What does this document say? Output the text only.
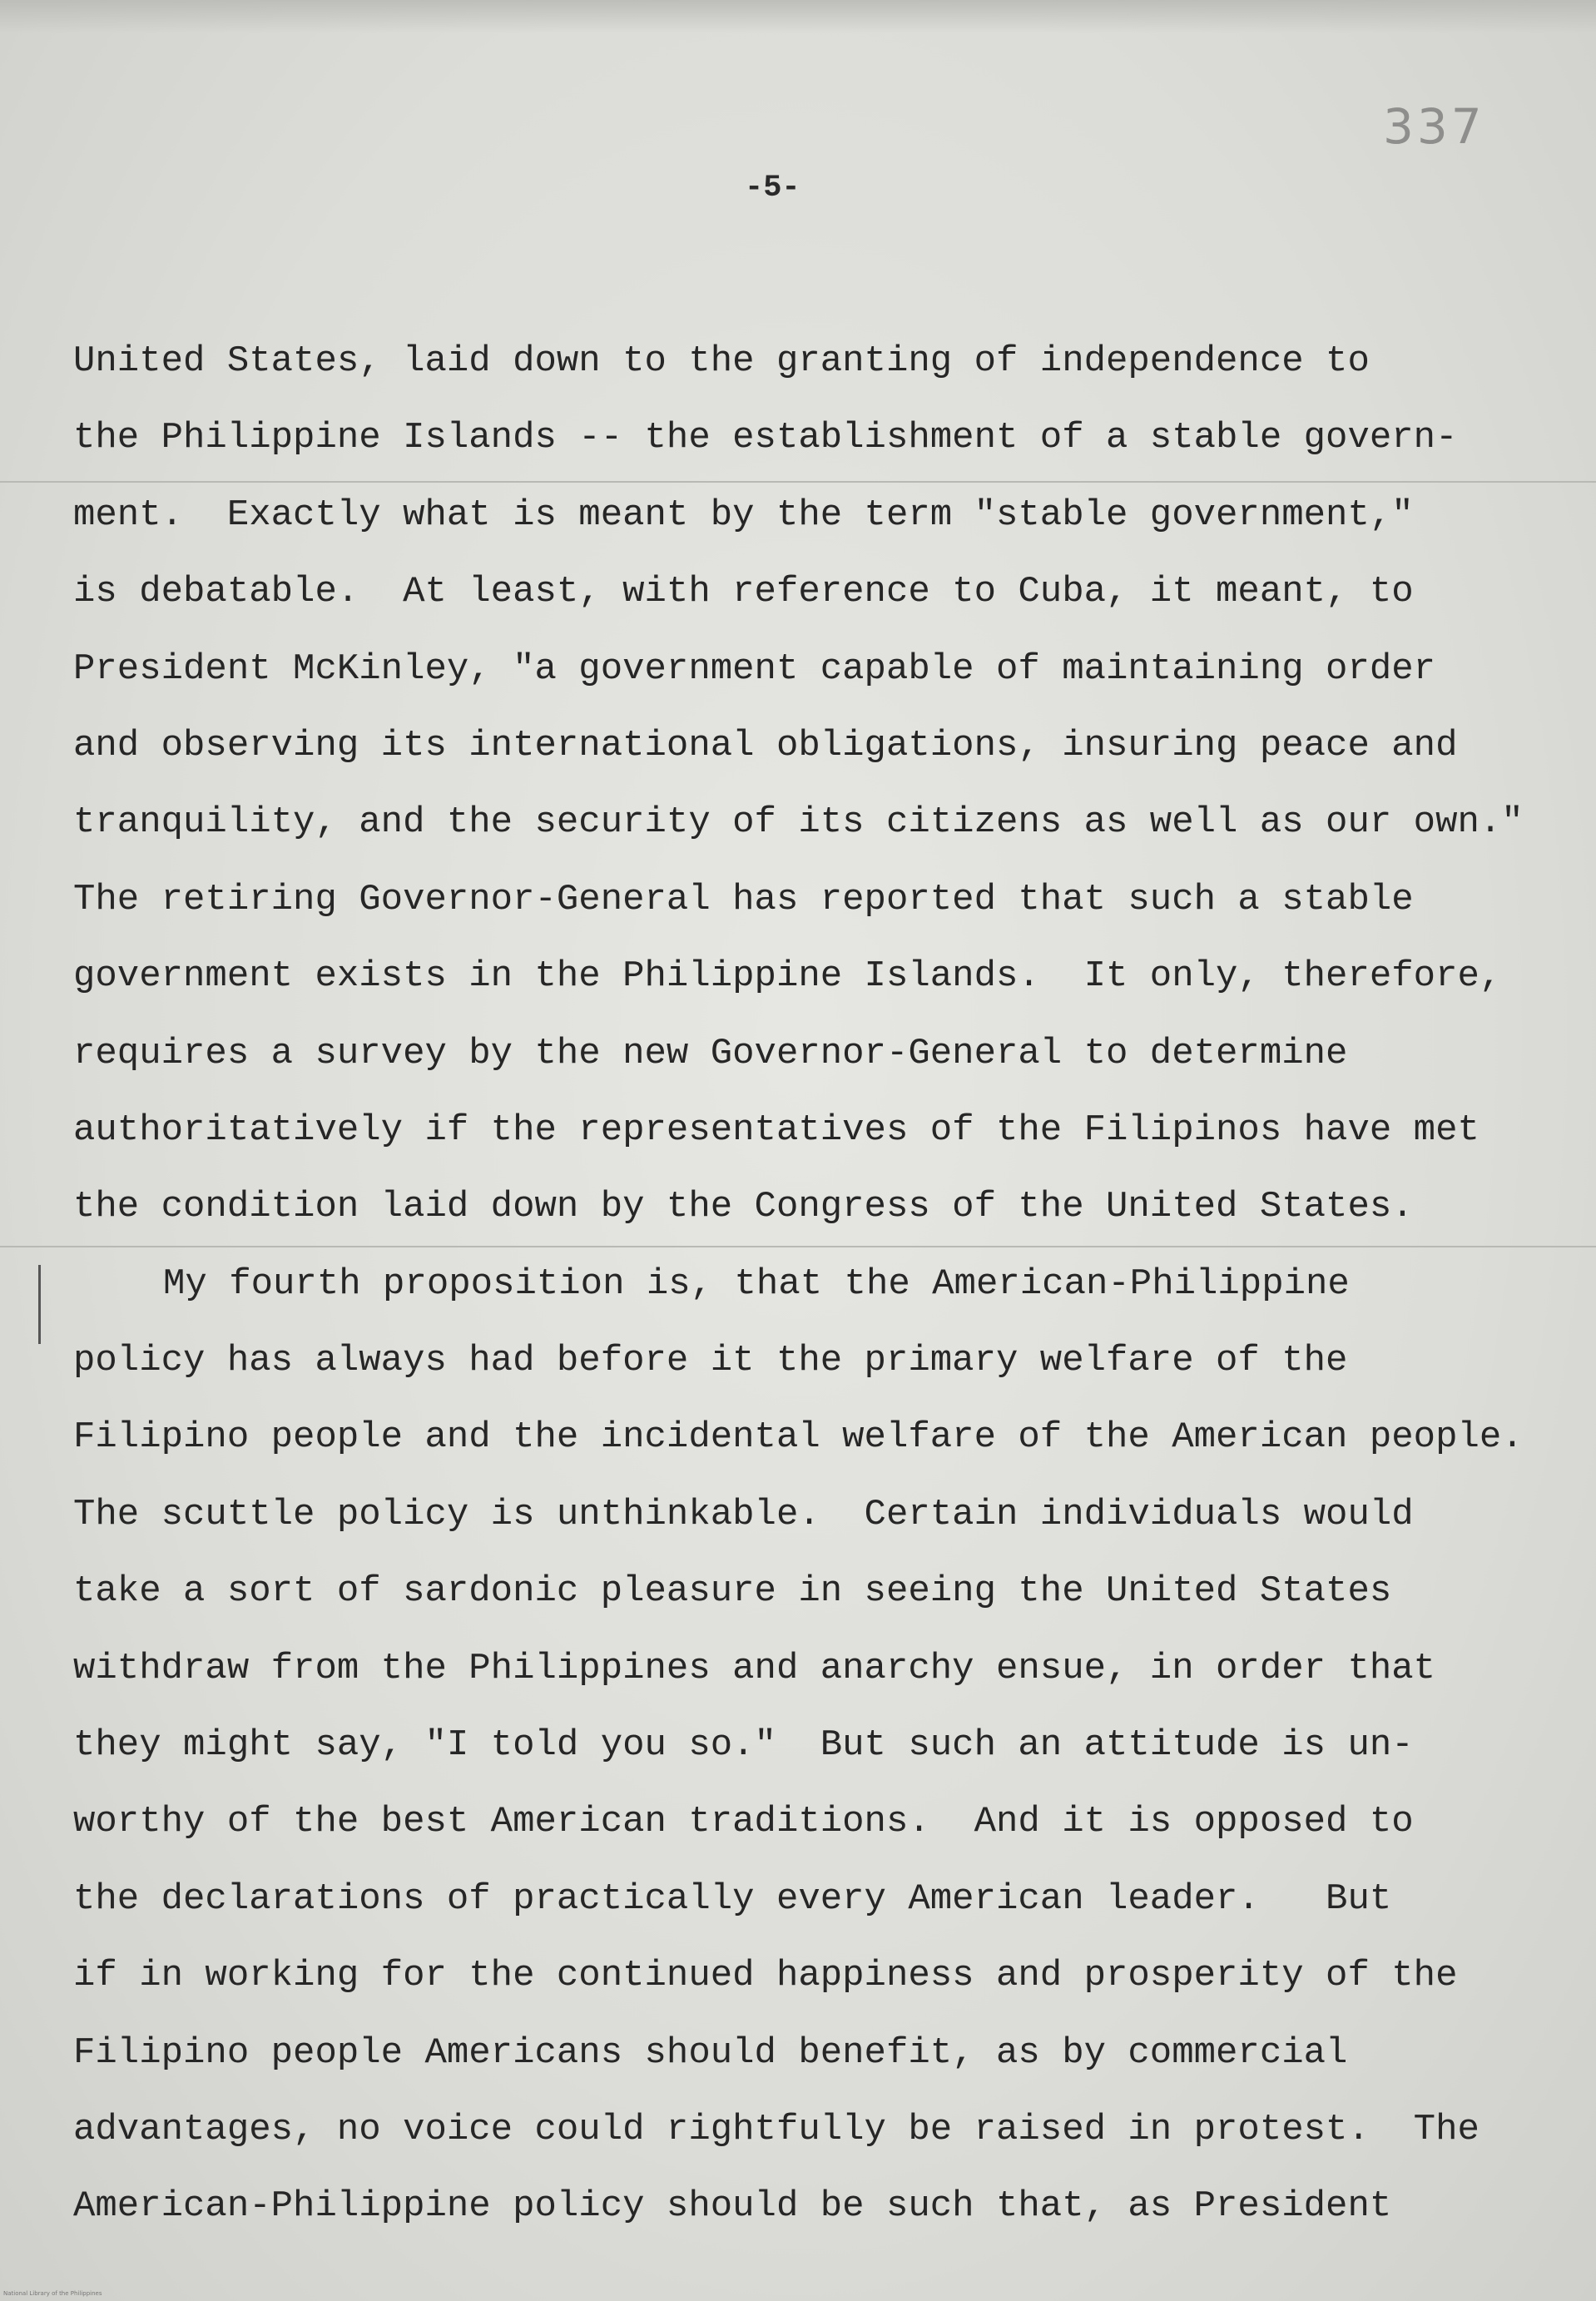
337
-5-
United States, laid down to the granting of independence to
the Philippine Islands -- the establishment of a stable govern-
ment.  Exactly what is meant by the term "stable government,"
is debatable.  At least, with reference to Cuba, it meant, to
President McKinley, "a government capable of maintaining order
and observing its international obligations, insuring peace and
tranquility, and the security of its citizens as well as our own."
The retiring Governor-General has reported that such a stable
government exists in the Philippine Islands.  It only, therefore,
requires a survey by the new Governor-General to determine
authoritatively if the representatives of the Filipinos have met
the condition laid down by the Congress of the United States.
My fourth proposition is, that the American-Philippine
policy has always had before it the primary welfare of the
Filipino people and the incidental welfare of the American people.
The scuttle policy is unthinkable.  Certain individuals would
take a sort of sardonic pleasure in seeing the United States
withdraw from the Philippines and anarchy ensue, in order that
they might say, "I told you so."  But such an attitude is un-
worthy of the best American traditions.  And it is opposed to
the declarations of practically every American leader.   But
if in working for the continued happiness and prosperity of the
Filipino people Americans should benefit, as by commercial
advantages, no voice could rightfully be raised in protest.  The
American-Philippine policy should be such that, as President
National Library of the Philippines
